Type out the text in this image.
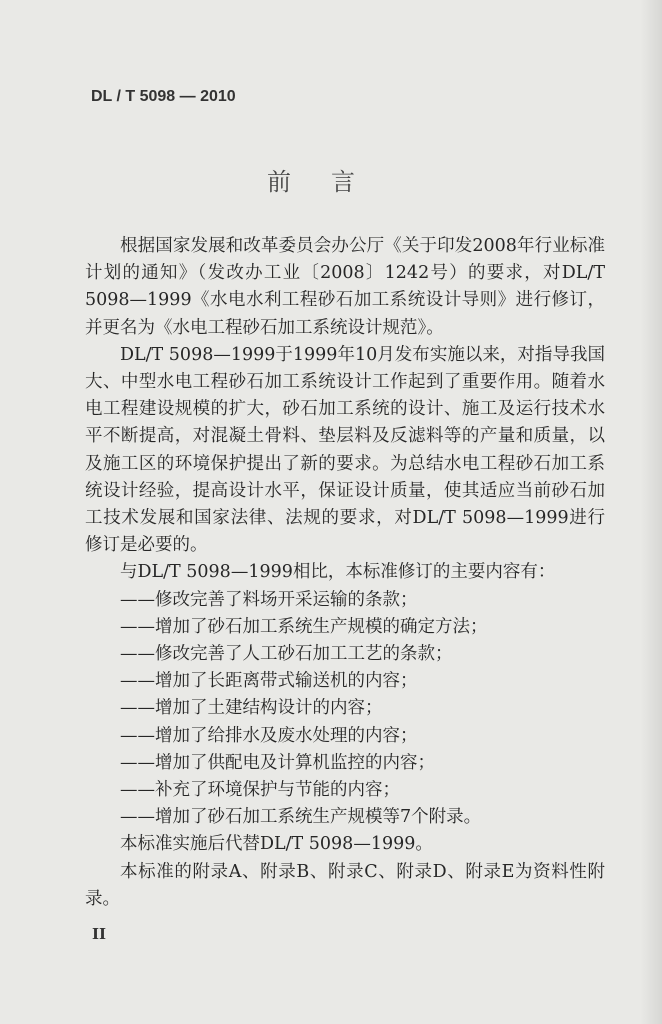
DL / T 5098 — 2010
前言

根据国家发展和改革委员会办公厅《关于印发2008年行业标准计划的通知》（发改办工业〔2008〕1242号）的要求，对DL/T 5098—1999《水电水利工程砂石加工系统设计导则》进行修订，并更名为《水电工程砂石加工系统设计规范》。

DL/T 5098—1999于1999年10月发布实施以来，对指导我国大、中型水电工程砂石加工系统设计工作起到了重要作用。随着水电工程建设规模的扩大，砂石加工系统的设计、施工及运行技术水平不断提高，对混凝土骨料、垫层料及反滤料等的产量和质量，以及施工区的环境保护提出了新的要求。为总结水电工程砂石加工系统设计经验，提高设计水平，保证设计质量，使其适应当前砂石加工技术发展和国家法律、法规的要求，对DL/T 5098—1999进行修订是必要的。

与DL/T 5098—1999相比，本标准修订的主要内容有：

——修改完善了料场开采运输的条款；

——增加了砂石加工系统生产规模的确定方法；

——修改完善了人工砂石加工工艺的条款；

——增加了长距离带式输送机的内容；

——增加了土建结构设计的内容；

——增加了给排水及废水处理的内容；

——增加了供配电及计算机监控的内容；

——补充了环境保护与节能的内容；

——增加了砂石加工系统生产规模等7个附录。

本标准实施后代替DL/T 5098—1999。

本标准的附录A、附录B、附录C、附录D、附录E为资料性附录。

II
